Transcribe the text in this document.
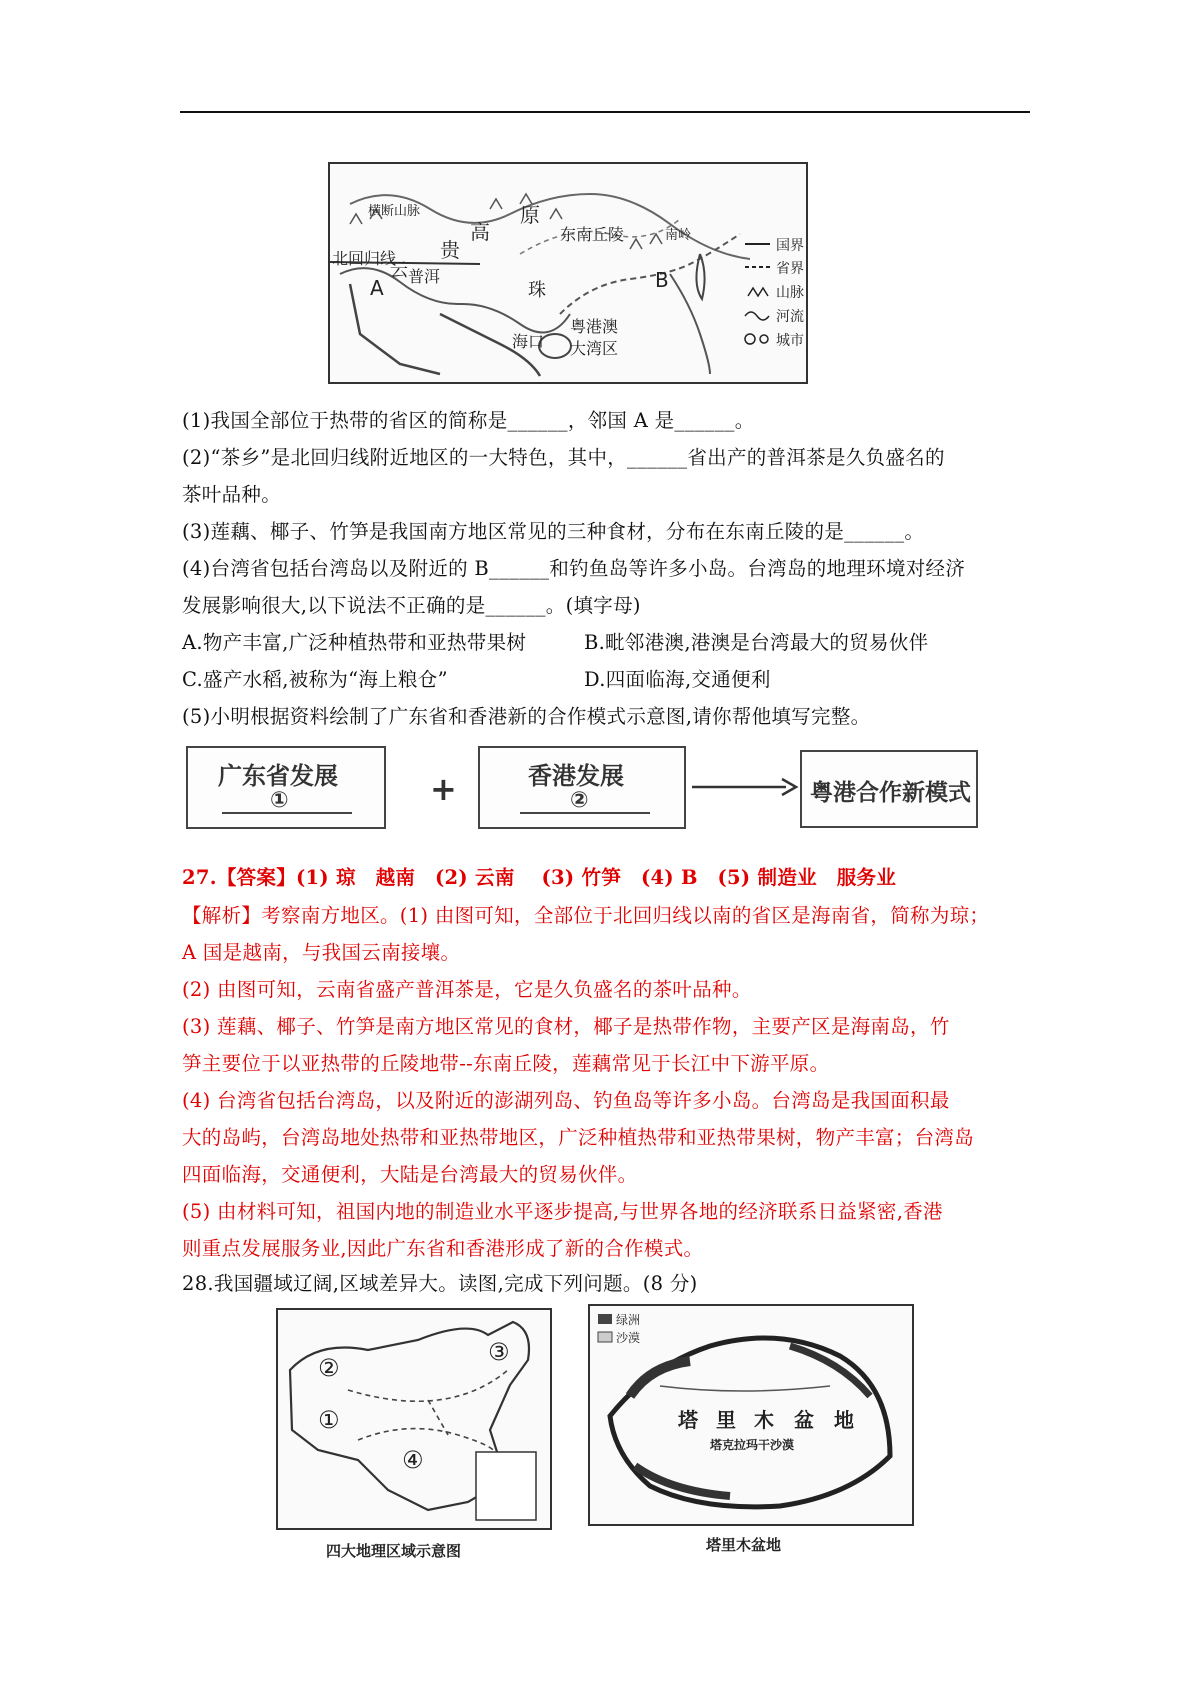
横断山脉
高
原
贵
云
北回归线
A 普洱
东南丘陵	南岭
珠	B
海口
粤港澳
大湾区
国界
省界
山脉
河流
城市
(1)我国全部位于热带的省区的简称是______，邻国 A 是______。
(2)“茶乡”是北回归线附近地区的一大特色，其中，______省出产的普洱茶是久负盛名的
茶叶品种。
(3)莲藕、椰子、竹笋是我国南方地区常见的三种食材，分布在东南丘陵的是______。
(4)台湾省包括台湾岛以及附近的 B______和钓鱼岛等许多小岛。台湾岛的地理环境对经济
发展影响很大,以下说法不正确的是______。(填字母)
A.物产丰富,广泛种植热带和亚热带果树	B.毗邻港澳,港澳是台湾最大的贸易伙伴
C.盛产水稻,被称为“海上粮仓”	D.四面临海,交通便利
(5)小明根据资料绘制了广东省和香港新的合作模式示意图,请你帮他填写完整。
广东省发展
①	+	香港发展
②	粤港合作新模式
27.【答案】(1) 琼　越南　(2) 云南　 (3) 竹笋　(4) B　(5) 制造业　服务业
【解析】考察南方地区。(1) 由图可知，全部位于北回归线以南的省区是海南省，简称为琼；
A 国是越南，与我国云南接壤。
(2) 由图可知，云南省盛产普洱茶是，它是久负盛名的茶叶品种。
(3) 莲藕、椰子、竹笋是南方地区常见的食材，椰子是热带作物，主要产区是海南岛，竹
笋主要位于以亚热带的丘陵地带--东南丘陵，莲藕常见于长江中下游平原。
(4) 台湾省包括台湾岛，以及附近的澎湖列岛、钓鱼岛等许多小岛。台湾岛是我国面积最
大的岛屿，台湾岛地处热带和亚热带地区，广泛种植热带和亚热带果树，物产丰富；台湾岛
四面临海，交通便利，大陆是台湾最大的贸易伙伴。
(5) 由材料可知，祖国内地的制造业水平逐步提高,与世界各地的经济联系日益紧密,香港
则重点发展服务业,因此广东省和香港形成了新的合作模式。
28.我国疆域辽阔,区域差异大。读图,完成下列问题。(8 分)
②
③
①
④
四大地理区域示意图
绿洲
沙漠
塔 里 木 盆 地
塔克拉玛干沙漠
塔里木盆地
